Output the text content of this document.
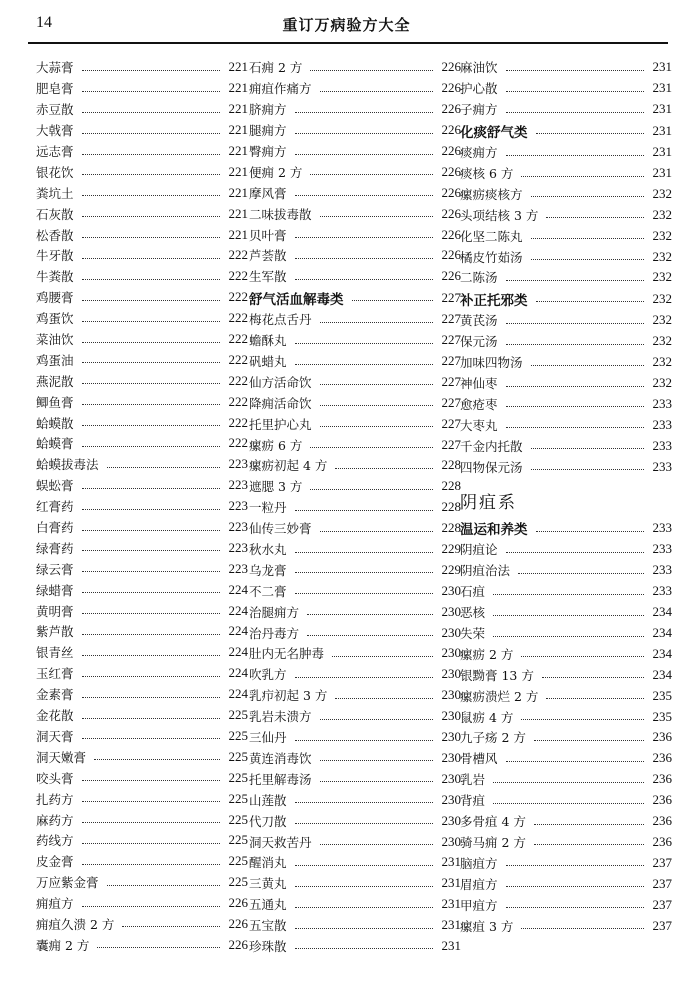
14	重订万病验方大全
大蒜膏	221
肥皂膏	221
赤豆散	221
大戟膏	221
远志膏	221
银花饮	221
粪坑土	221
石灰散	221
松香散	221
牛牙散	222
牛粪散	222
鸡腰膏	222
鸡蛋饮	222
菜油饮	222
鸡蛋油	222
燕泥散	222
鲫鱼膏	222
蛤蟆散	222
蛤蟆膏	222
蛤蟆拔毒法	223
蜈蚣膏	223
红膏药	223
白膏药	223
绿膏药	223
绿云膏	223
绿蜡膏	224
黄明膏	224
紫芦散	224
银青丝	224
玉红膏	224
金素膏	224
金花散	225
洞天膏	225
洞天嫩膏	225
咬头膏	225
扎药方	225
麻药方	225
药线方	225
皮金膏	225
万应紫金膏	225
痈疽方	226
痈疽久溃 2 方	226
囊痈 2 方	226
石痈 2 方	226
痈疽作痛方	226
脐痈方	226
腿痈方	226
臀痈方	226
便痈 2 方	226
摩风膏	226
二味拔毒散	226
贝叶膏	226
芦荟散	226
生军散	226
舒气活血解毒类	227
梅花点舌丹	227
蟾酥丸	227
矾蜡丸	227
仙方活命饮	227
降痈活命饮	227
托里护心丸	227
瘰疬 6 方	227
瘰疬初起 4 方	228
遮腮 3 方	228
一粒丹	228
仙传三妙膏	228
秋水丸	229
乌龙膏	229
不二膏	230
治腿痈方	230
治丹毒方	230
肚内无名肿毒	230
吹乳方	230
乳疖初起 3 方	230
乳岩未溃方	230
三仙丹	230
黄连消毒饮	230
托里解毒汤	230
山莲散	230
代刀散	230
洞天救苦丹	230
醒消丸	231
三黄丸	231
五通丸	231
五宝散	231
珍珠散	231
麻油饮	231
护心散	231
子痈方	231
化痰舒气类	231
痰痈方	231
痰核 6 方	231
瘰疬痰核方	232
头项结核 3 方	232
化坚二陈丸	232
橘皮竹茹汤	232
二陈汤	232
补正托邪类	232
黄芪汤	232
保元汤	232
加味四物汤	232
神仙枣	232
愈疮枣	233
大枣丸	233
千金内托散	233
四物保元汤	233
阴疽系
温运和养类	233
阴疽论	233
阴疽治法	233
石疽	233
恶核	234
失荣	234
瘰疬 2 方	234
银黝膏 13 方	234
瘰疬溃烂 2 方	235
鼠疬 4 方	235
九子疡 2 方	236
骨槽风	236
乳岩	236
背疽	236
多骨疽 4 方	236
骑马痈 2 方	236
脑疽方	237
眉疽方	237
甲疽方	237
瘰疽 3 方	237
